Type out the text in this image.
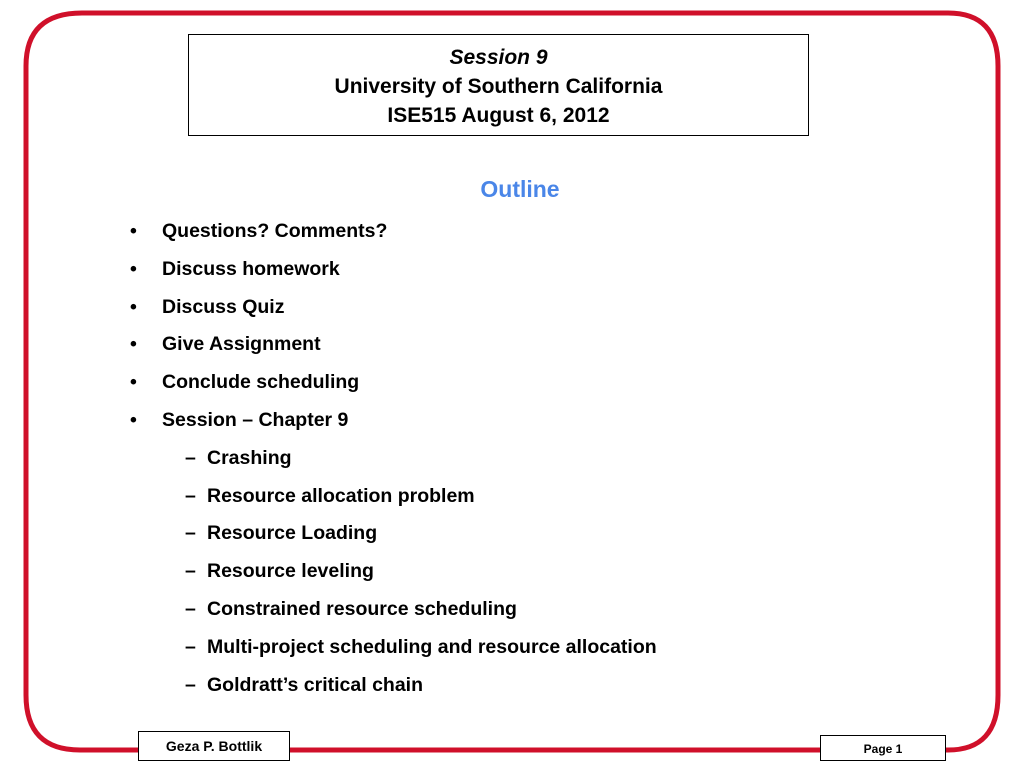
Session 9
University of Southern California
ISE515 August 6, 2012
Outline
• Questions? Comments?
• Discuss homework
• Discuss Quiz
• Give Assignment
• Conclude scheduling
• Session – Chapter 9
– Crashing
– Resource allocation problem
– Resource Loading
– Resource leveling
– Constrained resource scheduling
– Multi-project scheduling and resource allocation
– Goldratt’s critical chain
Geza P. Bottlik	Page 1
